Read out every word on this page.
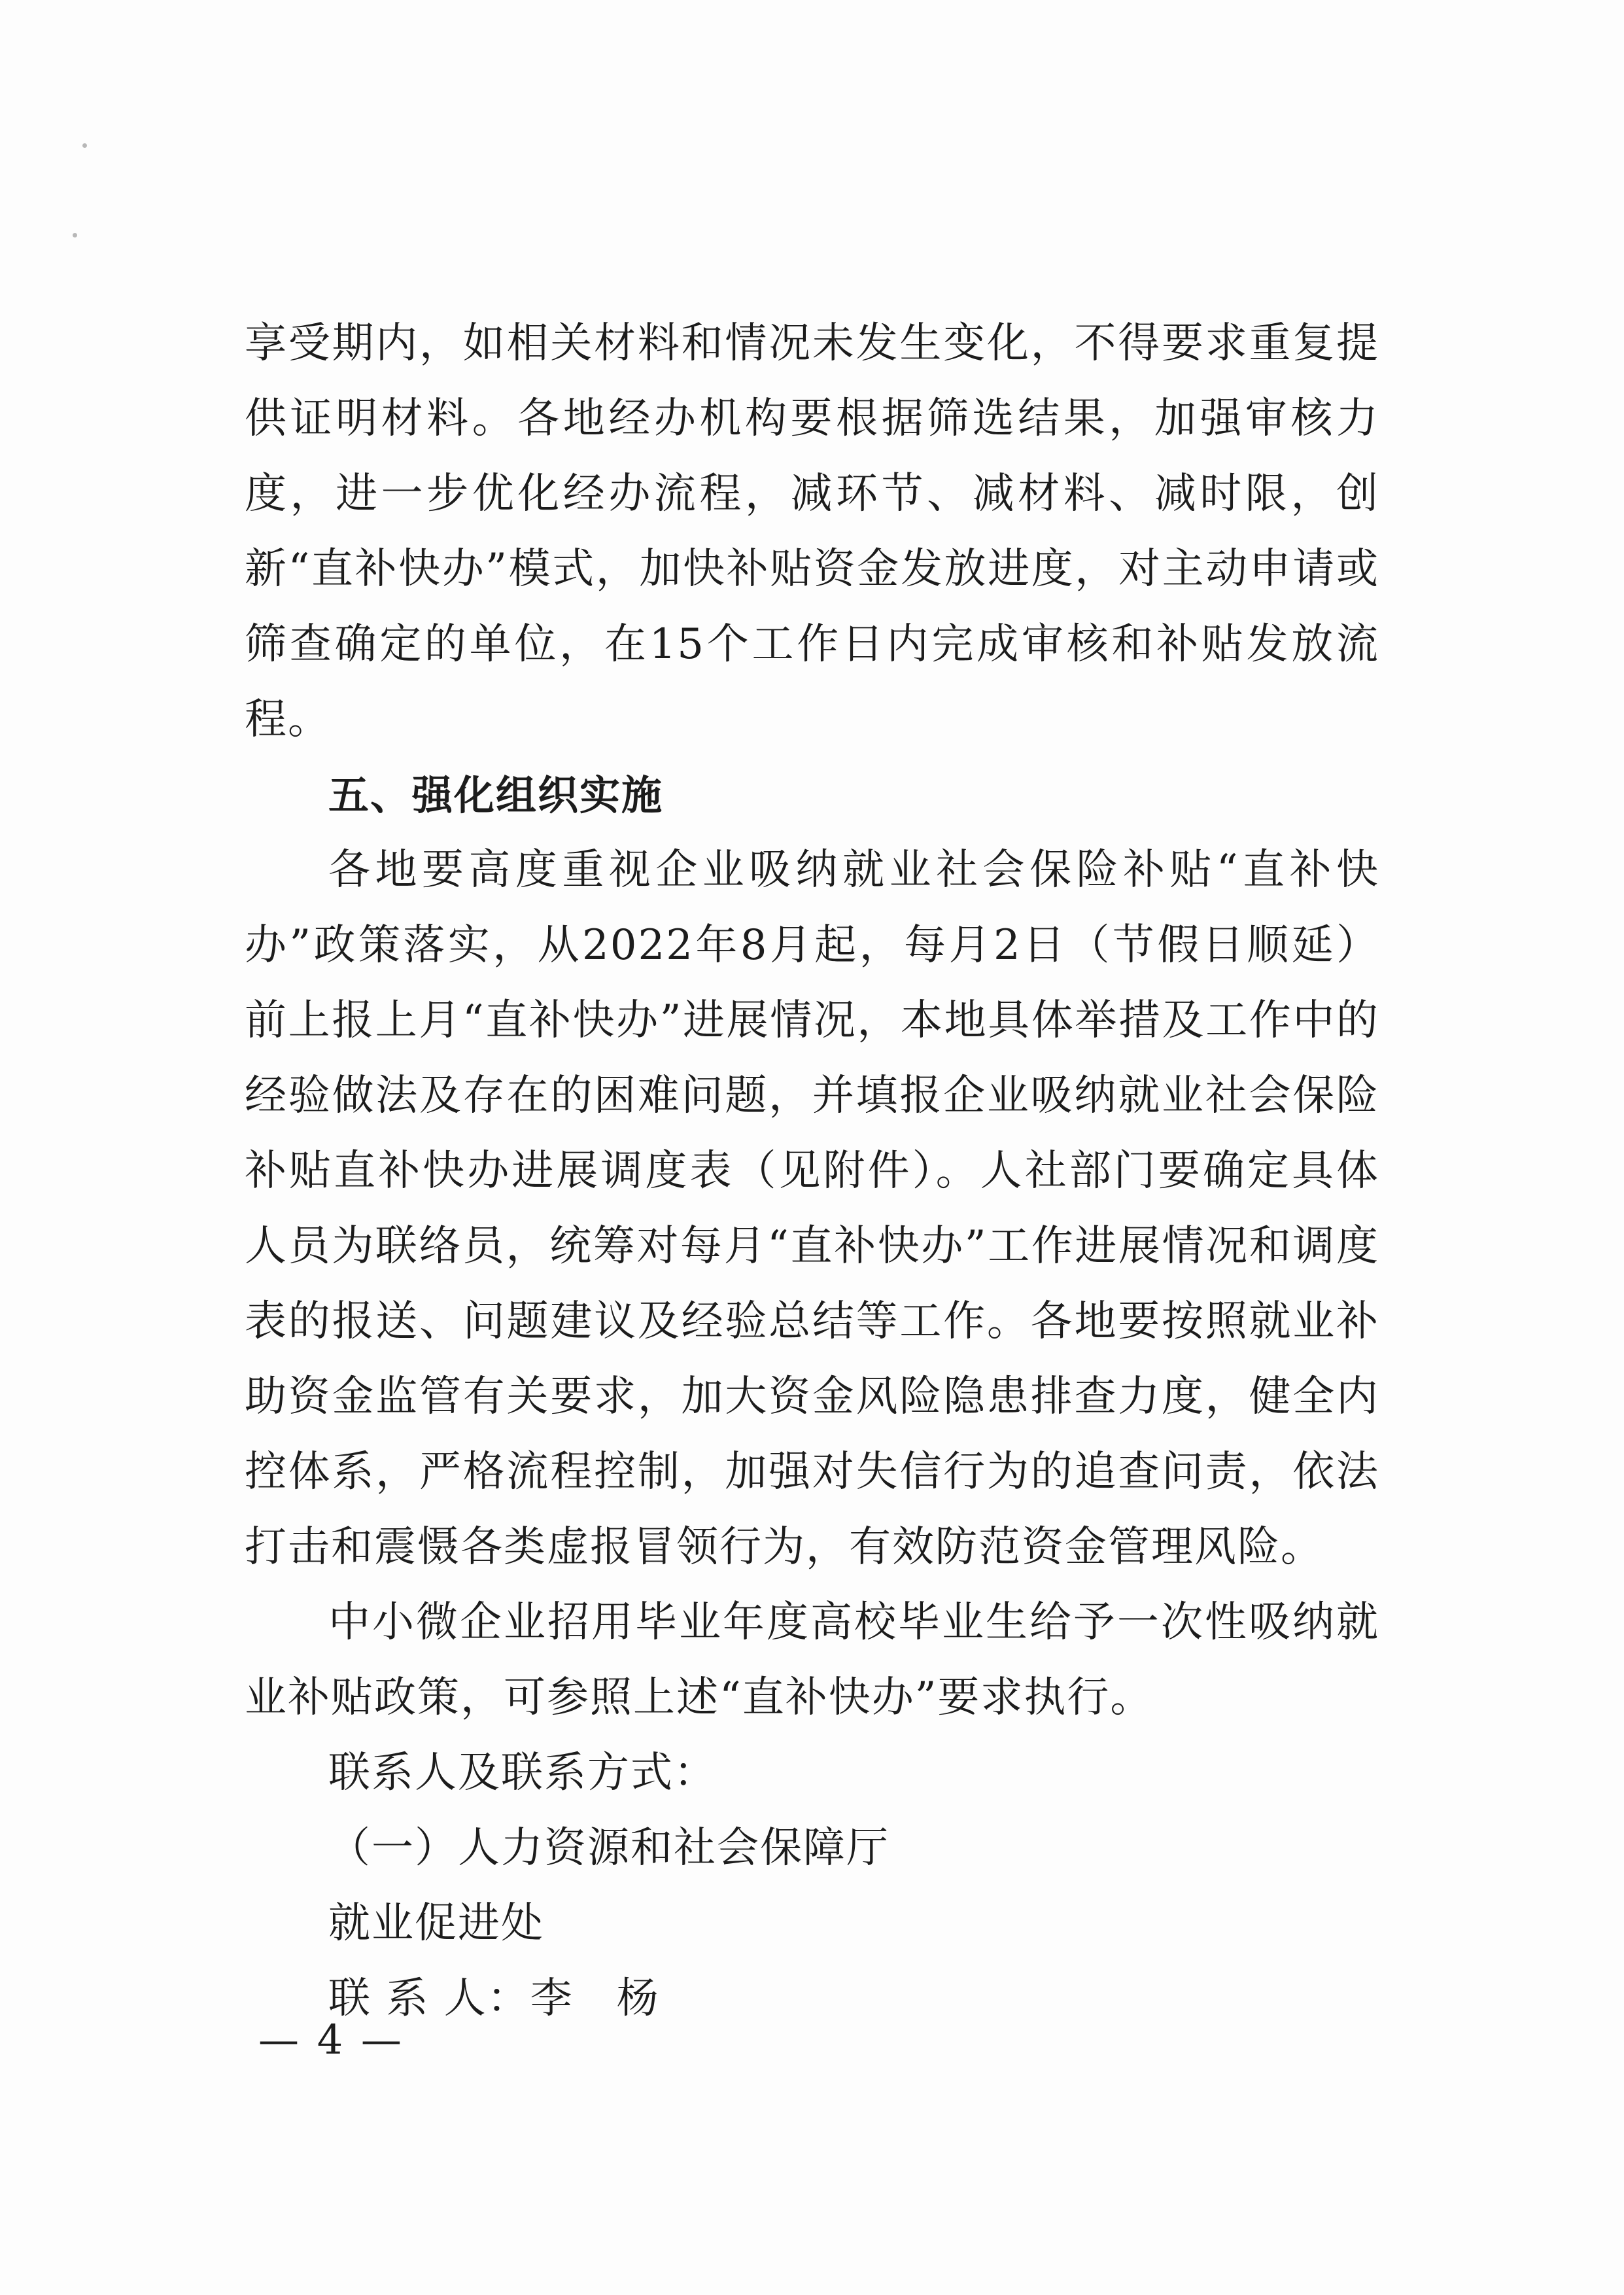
享受期内，如相关材料和情况未发生变化，不得要求重复提供证明材料。各地经办机构要根据筛选结果，加强审核力度，进一步优化经办流程，减环节、减材料、减时限，创新“直补快办”模式，加快补贴资金发放进度，对主动申请或筛查确定的单位，在15个工作日内完成审核和补贴发放流程。

五、强化组织实施

各地要高度重视企业吸纳就业社会保险补贴“直补快办”政策落实，从2022年8月起，每月2日（节假日顺延）前上报上月“直补快办”进展情况，本地具体举措及工作中的经验做法及存在的困难问题，并填报企业吸纳就业社会保险补贴直补快办进展调度表（见附件）。人社部门要确定具体人员为联络员，统筹对每月“直补快办”工作进展情况和调度表的报送、问题建议及经验总结等工作。各地要按照就业补助资金监管有关要求，加大资金风险隐患排查力度，健全内控体系，严格流程控制，加强对失信行为的追查问责，依法打击和震慑各类虚报冒领行为，有效防范资金管理风险。

中小微企业招用毕业年度高校毕业生给予一次性吸纳就业补贴政策，可参照上述“直补快办”要求执行。

联系人及联系方式：

（一）人力资源和社会保障厅

就业促进处

联 系 人：李　杨

— 4 —
